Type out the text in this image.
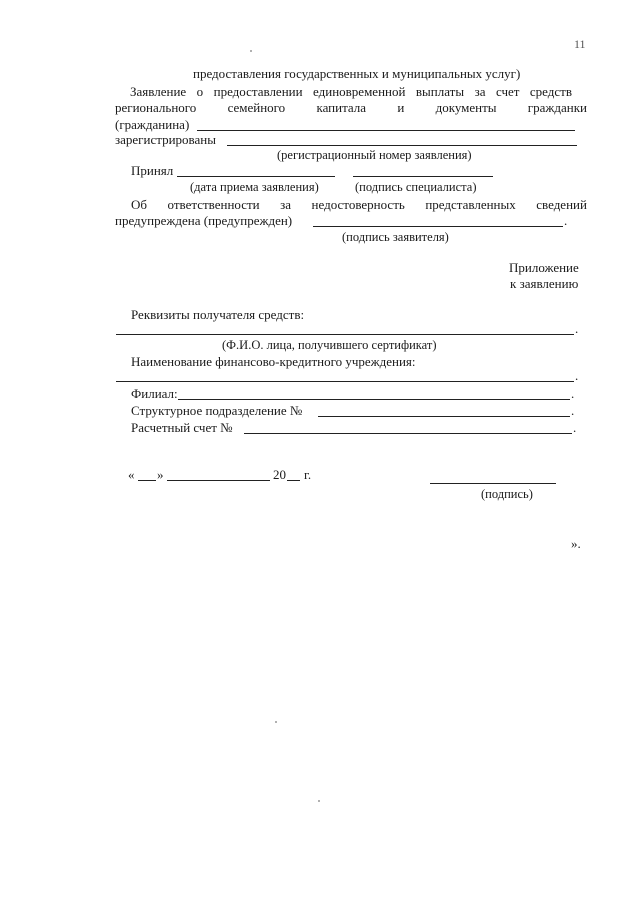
11
предоставления государственных и муниципальных услуг)
Заявление о предоставлении единовременной выплаты за счет средств
регионального семейного капитала и документы гражданки
(гражданина)
зарегистрированы
(регистрационный номер заявления)
Принял
(дата приема заявления)	(подпись специалиста)
Об ответственности за недостоверность представленных сведений
предупреждена (предупрежден)	.
(подпись заявителя)
Приложение
к заявлению
Реквизиты получателя средств:
.
(Ф.И.О. лица, получившего сертификат)
Наименование финансово-кредитного учреждения:
.
Филиал:	.
Структурное подразделение №	.
Расчетный счет №	.
« »	20 г.
(подпись)
».
